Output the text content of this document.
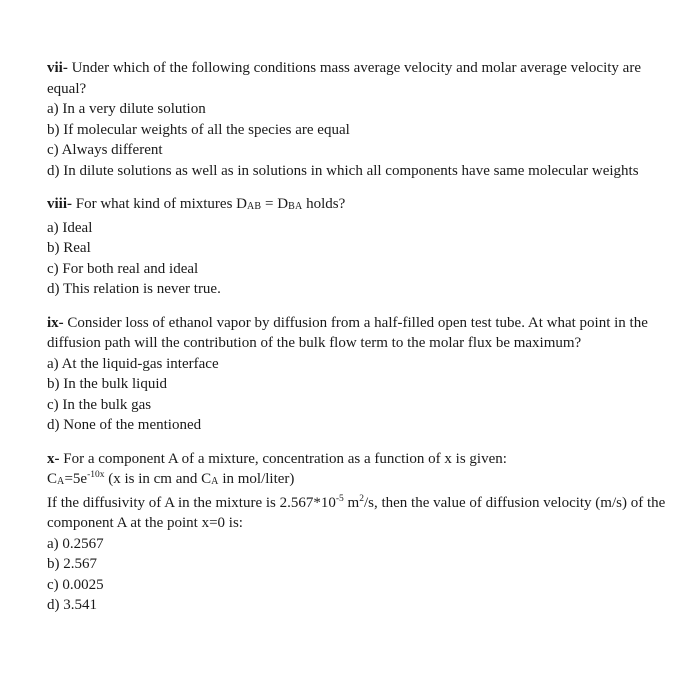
vii- Under which of the following conditions mass average velocity and molar average velocity are equal?

a) In a very dilute solution

b) If molecular weights of all the species are equal

c) Always different

d) In dilute solutions as well as in solutions in which all components have same molecular weights

viii- For what kind of mixtures DAB = DBA holds?

a) Ideal

b) Real

c) For both real and ideal

d) This relation is never true.

ix- Consider loss of ethanol vapor by diffusion from a half-filled open test tube. At what point in the diffusion path will the contribution of the bulk flow term to the molar flux be maximum?

a) At the liquid-gas interface

b) In the bulk liquid

c) In the bulk gas

d) None of the mentioned

x- For a component A of a mixture, concentration as a function of x is given:

$CA=5e^{-10x}$ (x is in cm and CA in mol/liter)

If the diffusivity of A in the mixture is $2.567*10^{-5}$ $m^2/s$, then the value of diffusion velocity (m/s) of the component A at the point x=0 is:

a) 0.2567

b) 2.567

c) 0.0025

d) 3.541
